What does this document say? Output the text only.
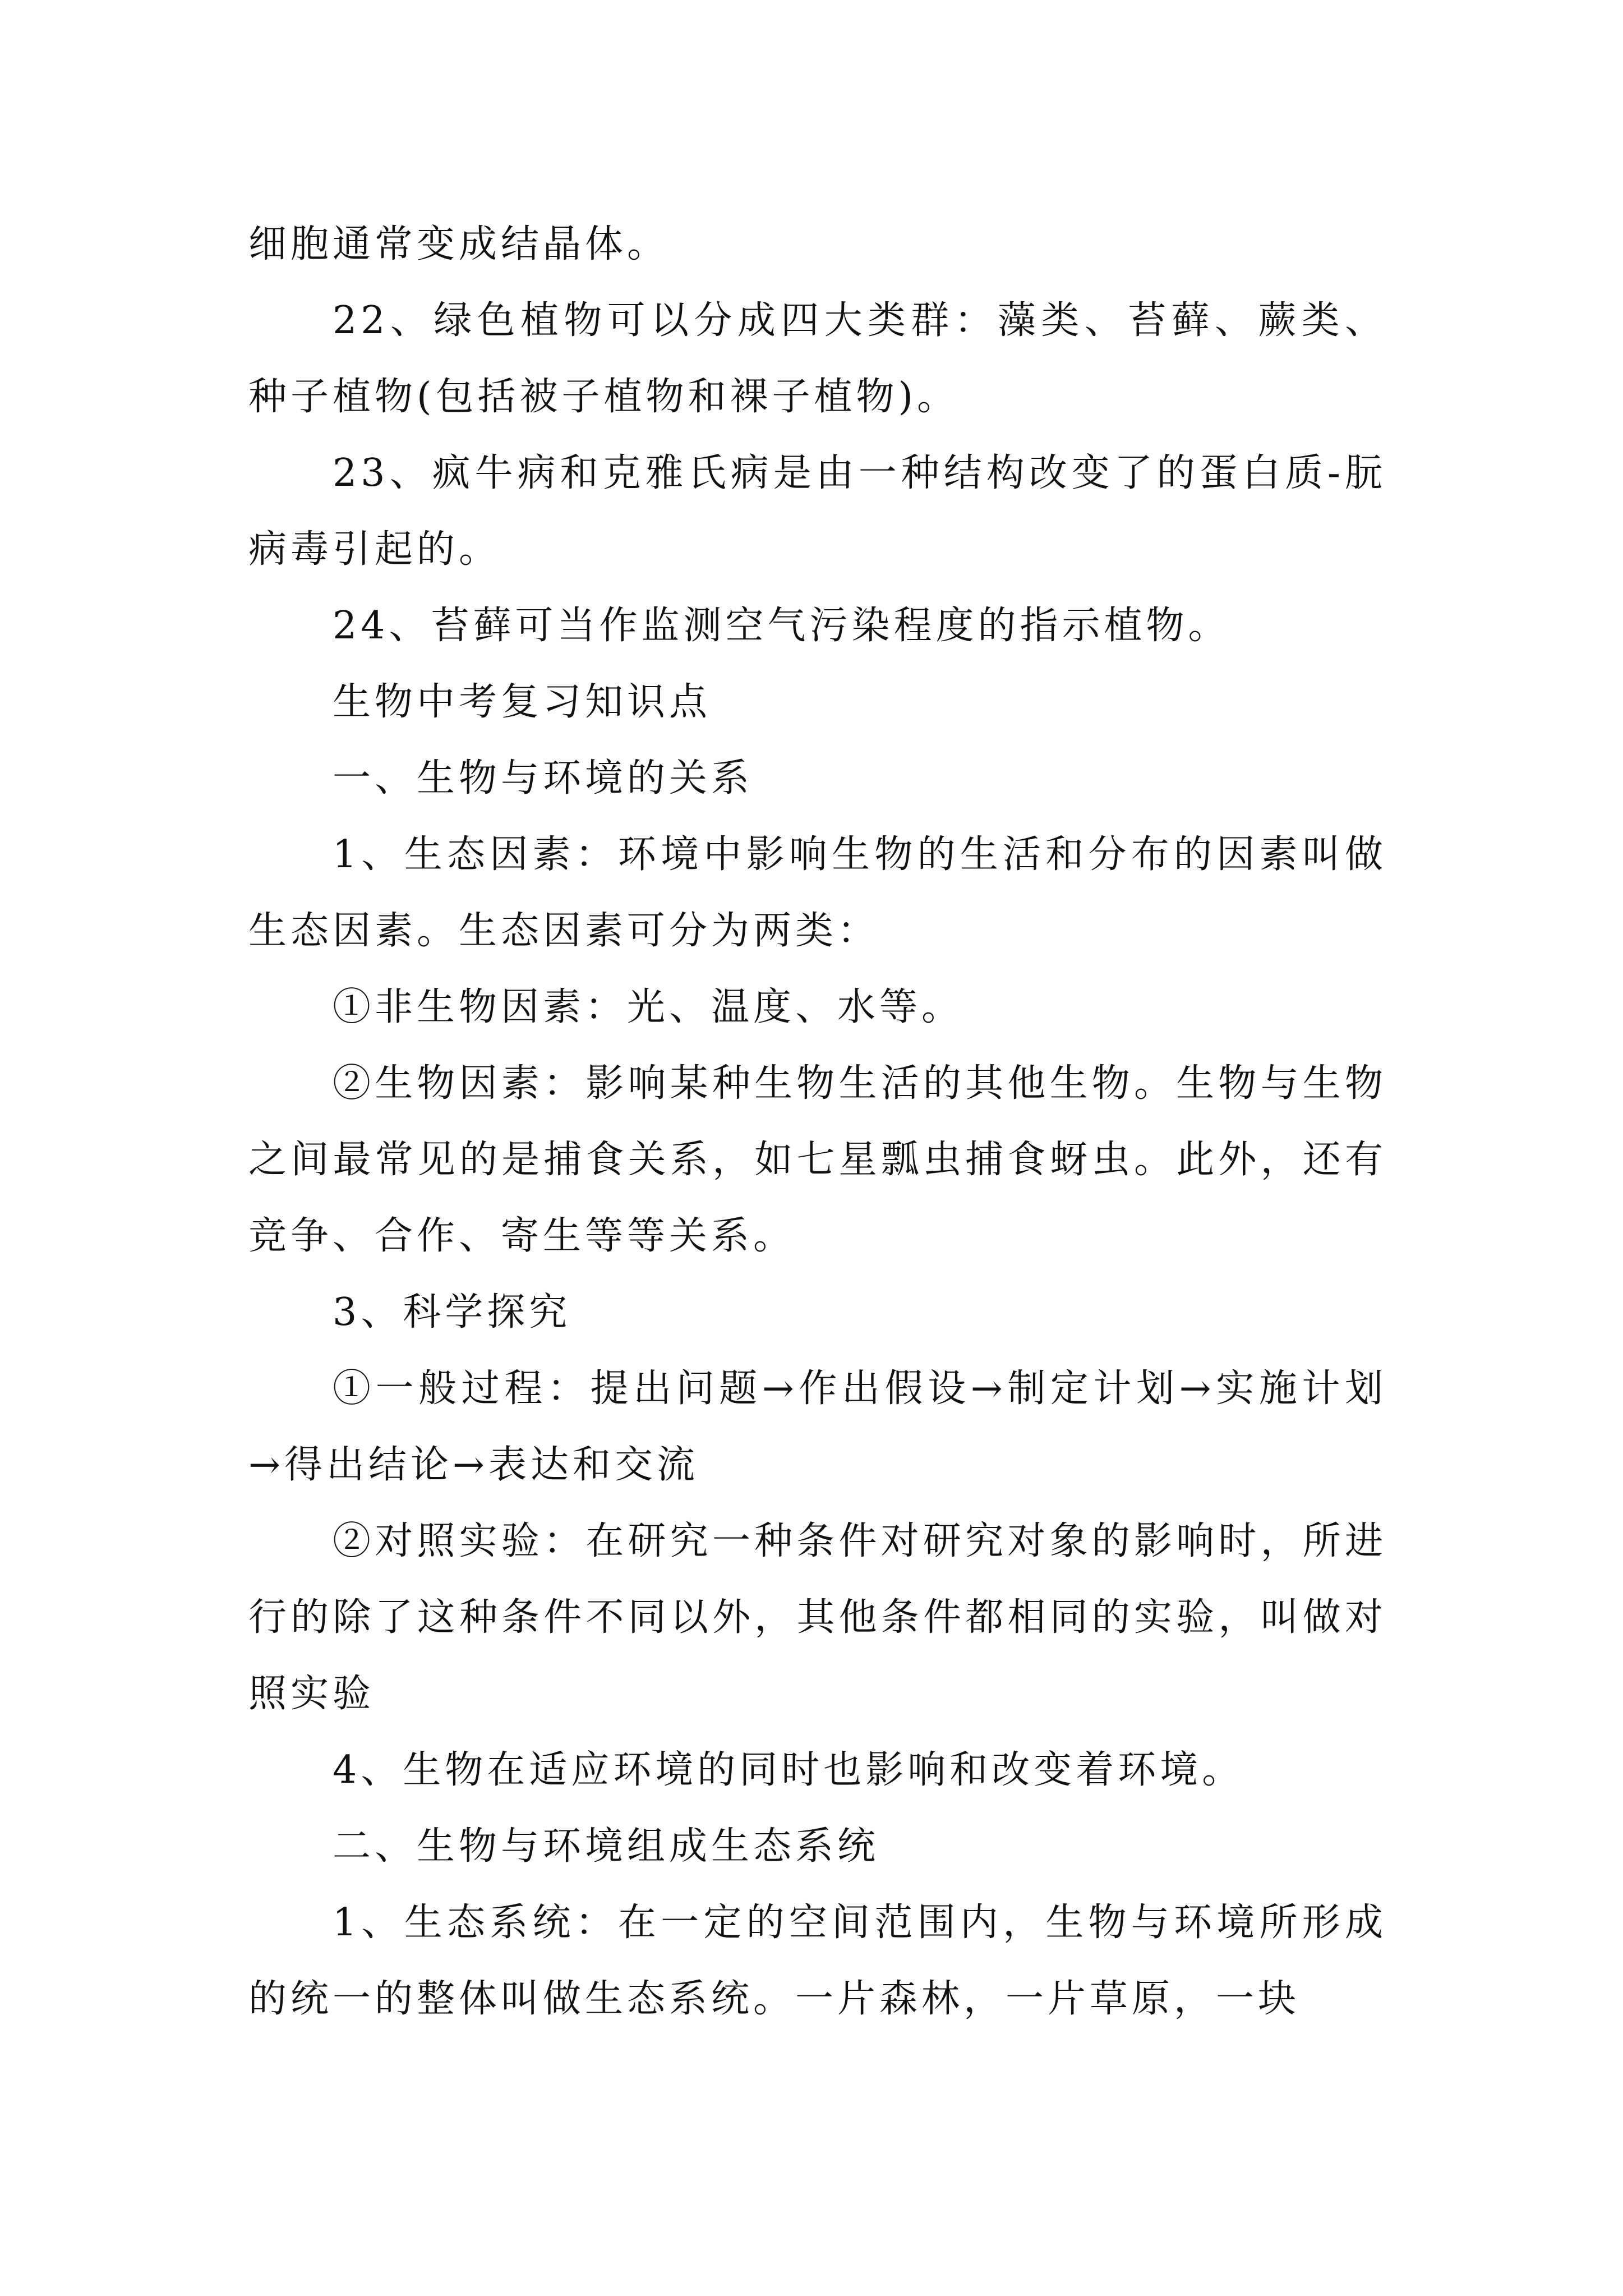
细胞通常变成结晶体。

22、绿色植物可以分成四大类群：藻类、苔藓、蕨类、种子植物(包括被子植物和裸子植物)。

23、疯牛病和克雅氏病是由一种结构改变了的蛋白质-朊病毒引起的。

24、苔藓可当作监测空气污染程度的指示植物。

生物中考复习知识点

一、生物与环境的关系

1、生态因素：环境中影响生物的生活和分布的因素叫做生态因素。生态因素可分为两类：

①非生物因素：光、温度、水等。

②生物因素：影响某种生物生活的其他生物。生物与生物之间最常见的是捕食关系，如七星瓢虫捕食蚜虫。此外，还有竞争、合作、寄生等等关系。

3、科学探究

①一般过程：提出问题→作出假设→制定计划→实施计划→得出结论→表达和交流

②对照实验：在研究一种条件对研究对象的影响时，所进行的除了这种条件不同以外，其他条件都相同的实验，叫做对照实验

4、生物在适应环境的同时也影响和改变着环境。

二、生物与环境组成生态系统

1、生态系统：在一定的空间范围内，生物与环境所形成的统一的整体叫做生态系统。一片森林，一片草原，一块
